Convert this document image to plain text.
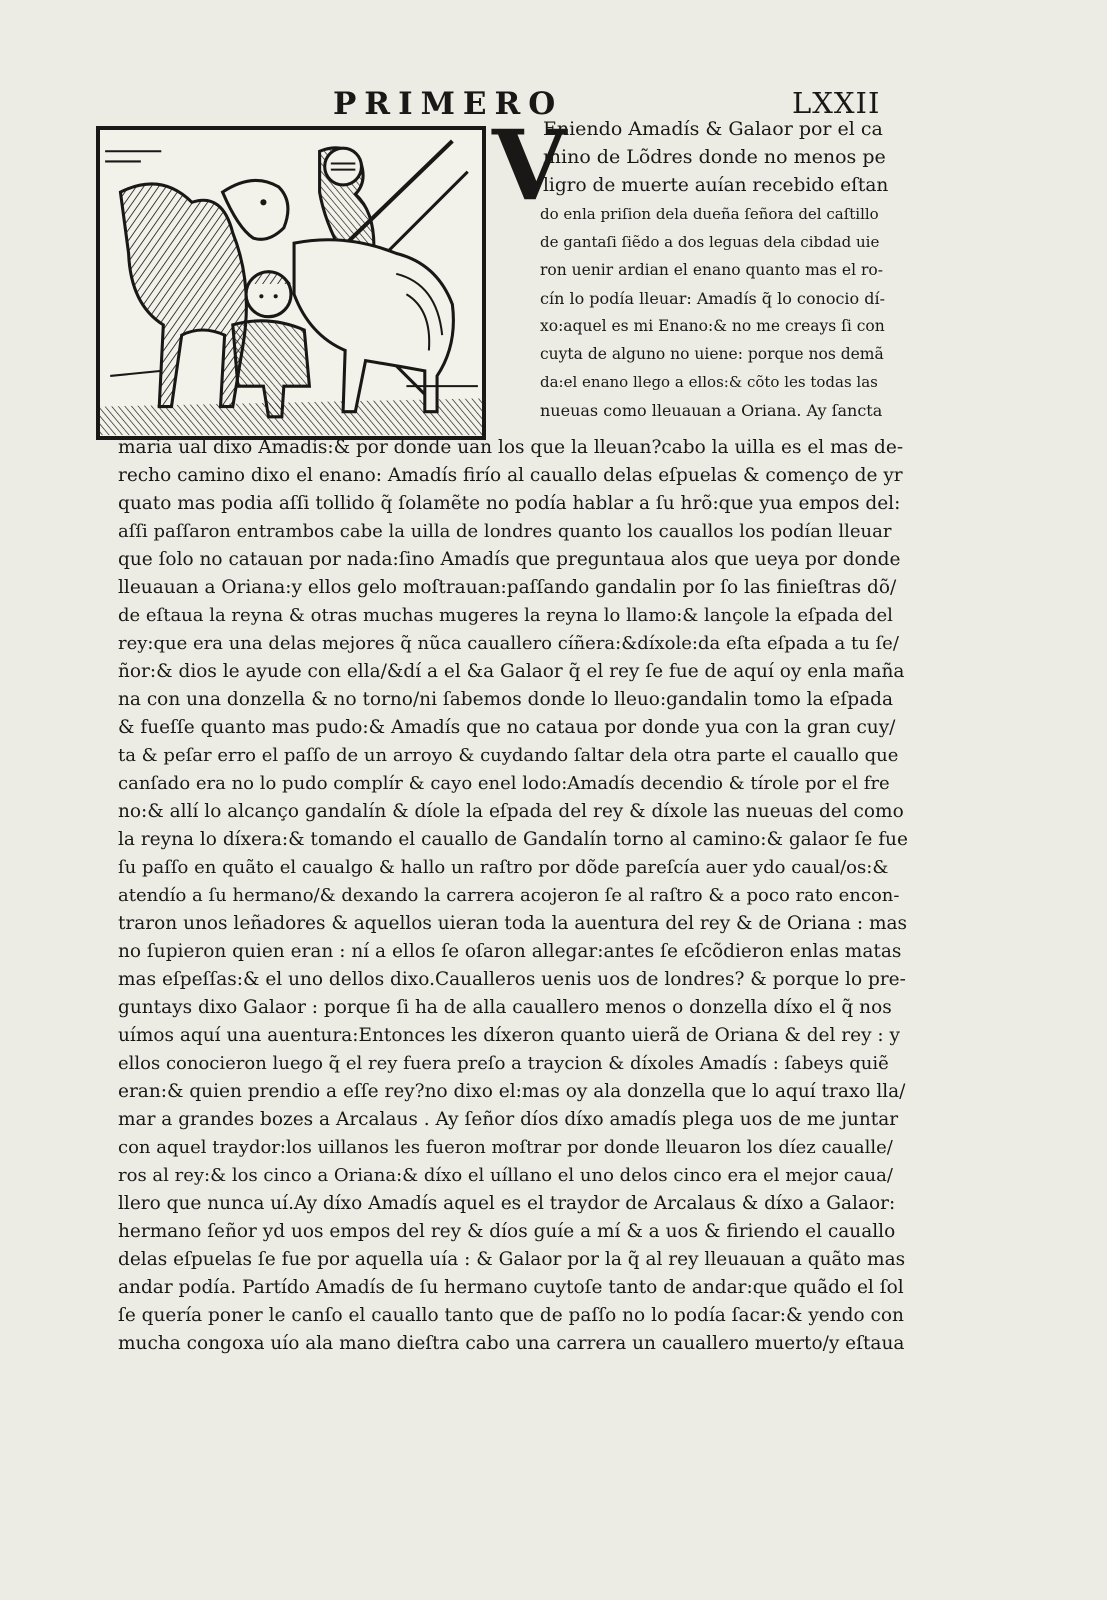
PRIMERO	LXXII
V
Eniendo Amadís & Galaor por el ca
mino de Lõdres donde no menos pe
ligro de muerte auían recebido eſtan
do enla priſion dela dueña ſeñora del caſtillo
de gantaſi ſiẽdo a dos leguas dela cibdad uie
ron uenir ardian el enano quanto mas el ro-
cín lo podía lleuar: Amadís q̃ lo conocio dí-
xo:aquel es mi Enano:& no me creays ſi con
cuyta de alguno no uiene: porque nos demã
da:el enano llego a ellos:& cõto les todas las
nueuas como lleuauan a Oriana. Ay ſancta
maria ual díxo Amadís:& por donde uan los que la lleuan?cabo la uilla es el mas de-
recho camino dixo el enano: Amadís firío al cauallo delas eſpuelas & començo de yr
quato mas podia aſſi tollido q̃ ſolamẽte no podía hablar a ſu hrõ:que yua empos del:
aſſi paſſaron entrambos cabe la uilla de londres quanto los cauallos los podían lleuar
que ſolo no catauan por nada:ſino Amadís que preguntaua alos que ueya por donde
lleuauan a Oriana:y ellos gelo moſtrauan:paſſando gandalin por ſo las finieſtras dõ/
de eſtaua la reyna & otras muchas mugeres la reyna lo llamo:& lançole la eſpada del
rey:que era una delas mejores q̃ nũca cauallero cíñera:&díxole:da eſta eſpada a tu ſe/
ñor:& dios le ayude con ella/&dí a el &a Galaor q̃ el rey ſe fue de aquí oy enla maña
na con una donzella & no torno/ni ſabemos donde lo lleuo:gandalin tomo la eſpada
& fueſſe quanto mas pudo:& Amadís que no cataua por donde yua con la gran cuy/
ta & peſar erro el paſſo de un arroyo & cuydando ſaltar dela otra parte el cauallo que
canſado era no lo pudo complír & cayo enel lodo:Amadís decendio & tírole por el fre
no:& allí lo alcanço gandalín & díole la eſpada del rey & díxole las nueuas del como
la reyna lo díxera:& tomando el cauallo de Gandalín torno al camino:& galaor ſe fue
ſu paſſo en quãto el caualgo & hallo un raſtro por dõde pareſcía auer ydo caual/os:&
atendío a ſu hermano/& dexando la carrera acojeron ſe al raſtro & a poco rato encon-
traron unos leñadores & aquellos uieran toda la auentura del rey & de Oriana : mas
no ſupieron quien eran : ní a ellos ſe oſaron allegar:antes ſe eſcõdieron enlas matas
mas eſpeſſas:& el uno dellos dixo.Caualleros uenis uos de londres? & porque lo pre-
guntays dixo Galaor : porque ſi ha de alla cauallero menos o donzella díxo el q̃ nos
uímos aquí una auentura:Entonces les díxeron quanto uierã de Oriana & del rey : y
ellos conocieron luego q̃ el rey fuera preſo a traycion & díxoles Amadís : ſabeys quiẽ
eran:& quien prendio a eſſe rey?no dixo el:mas oy ala donzella que lo aquí traxo lla/
mar a grandes bozes a Arcalaus . Ay ſeñor díos díxo amadís plega uos de me juntar
con aquel traydor:los uillanos les fueron moſtrar por donde lleuaron los díez caualle/
ros al rey:& los cinco a Oriana:& díxo el uíllano el uno delos cinco era el mejor caua/
llero que nunca uí.Ay díxo Amadís aquel es el traydor de Arcalaus & díxo a Galaor:
hermano ſeñor yd uos empos del rey & díos guíe a mí & a uos & firiendo el cauallo
delas eſpuelas ſe fue por aquella uía : & Galaor por la q̃ al rey lleuauan a quãto mas
andar podía. Partído Amadís de ſu hermano cuytoſe tanto de andar:que quãdo el ſol
ſe quería poner le canſo el cauallo tanto que de paſſo no lo podía ſacar:& yendo con
mucha congoxa uío ala mano dieſtra cabo una carrera un cauallero muerto/y eſtaua
